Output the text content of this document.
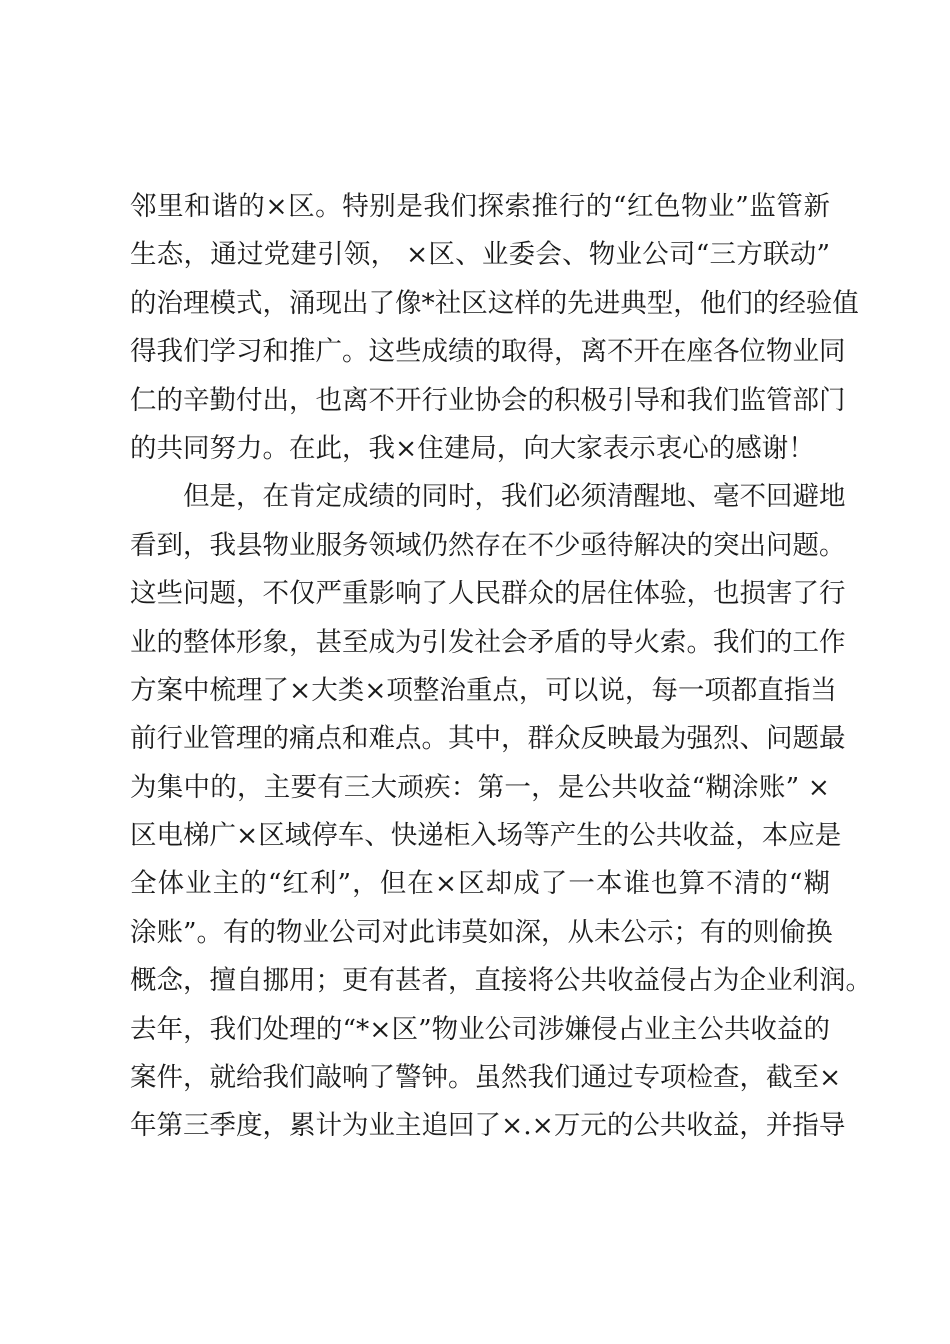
邻里和谐的×区。特别是我们探索推行的“红色物业”监管新

生态，通过党建引领， ×区、业委会、物业公司“三方联动”

的治理模式，涌现出了像*社区这样的先进典型，他们的经验值

得我们学习和推广。这些成绩的取得，离不开在座各位物业同

仁的辛勤付出，也离不开行业协会的积极引导和我们监管部门

的共同努力。在此，我×住建局，向大家表示衷心的感谢！

但是，在肯定成绩的同时，我们必须清醒地、毫不回避地

看到，我县物业服务领域仍然存在不少亟待解决的突出问题。

这些问题，不仅严重影响了人民群众的居住体验，也损害了行

业的整体形象，甚至成为引发社会矛盾的导火索。我们的工作

方案中梳理了×大类×项整治重点，可以说，每一项都直指当

前行业管理的痛点和难点。其中，群众反映最为强烈、问题最

为集中的，主要有三大顽疾：第一，是公共收益“糊涂账” ×

区电梯广×区域停车、快递柜入场等产生的公共收益，本应是

全体业主的“红利”，但在×区却成了一本谁也算不清的“糊

涂账”。有的物业公司对此讳莫如深，从未公示；有的则偷换

概念，擅自挪用；更有甚者，直接将公共收益侵占为企业利润。

去年，我们处理的“*×区”物业公司涉嫌侵占业主公共收益的

案件，就给我们敲响了警钟。虽然我们通过专项检查，截至×

年第三季度，累计为业主追回了×.×万元的公共收益，并指导
